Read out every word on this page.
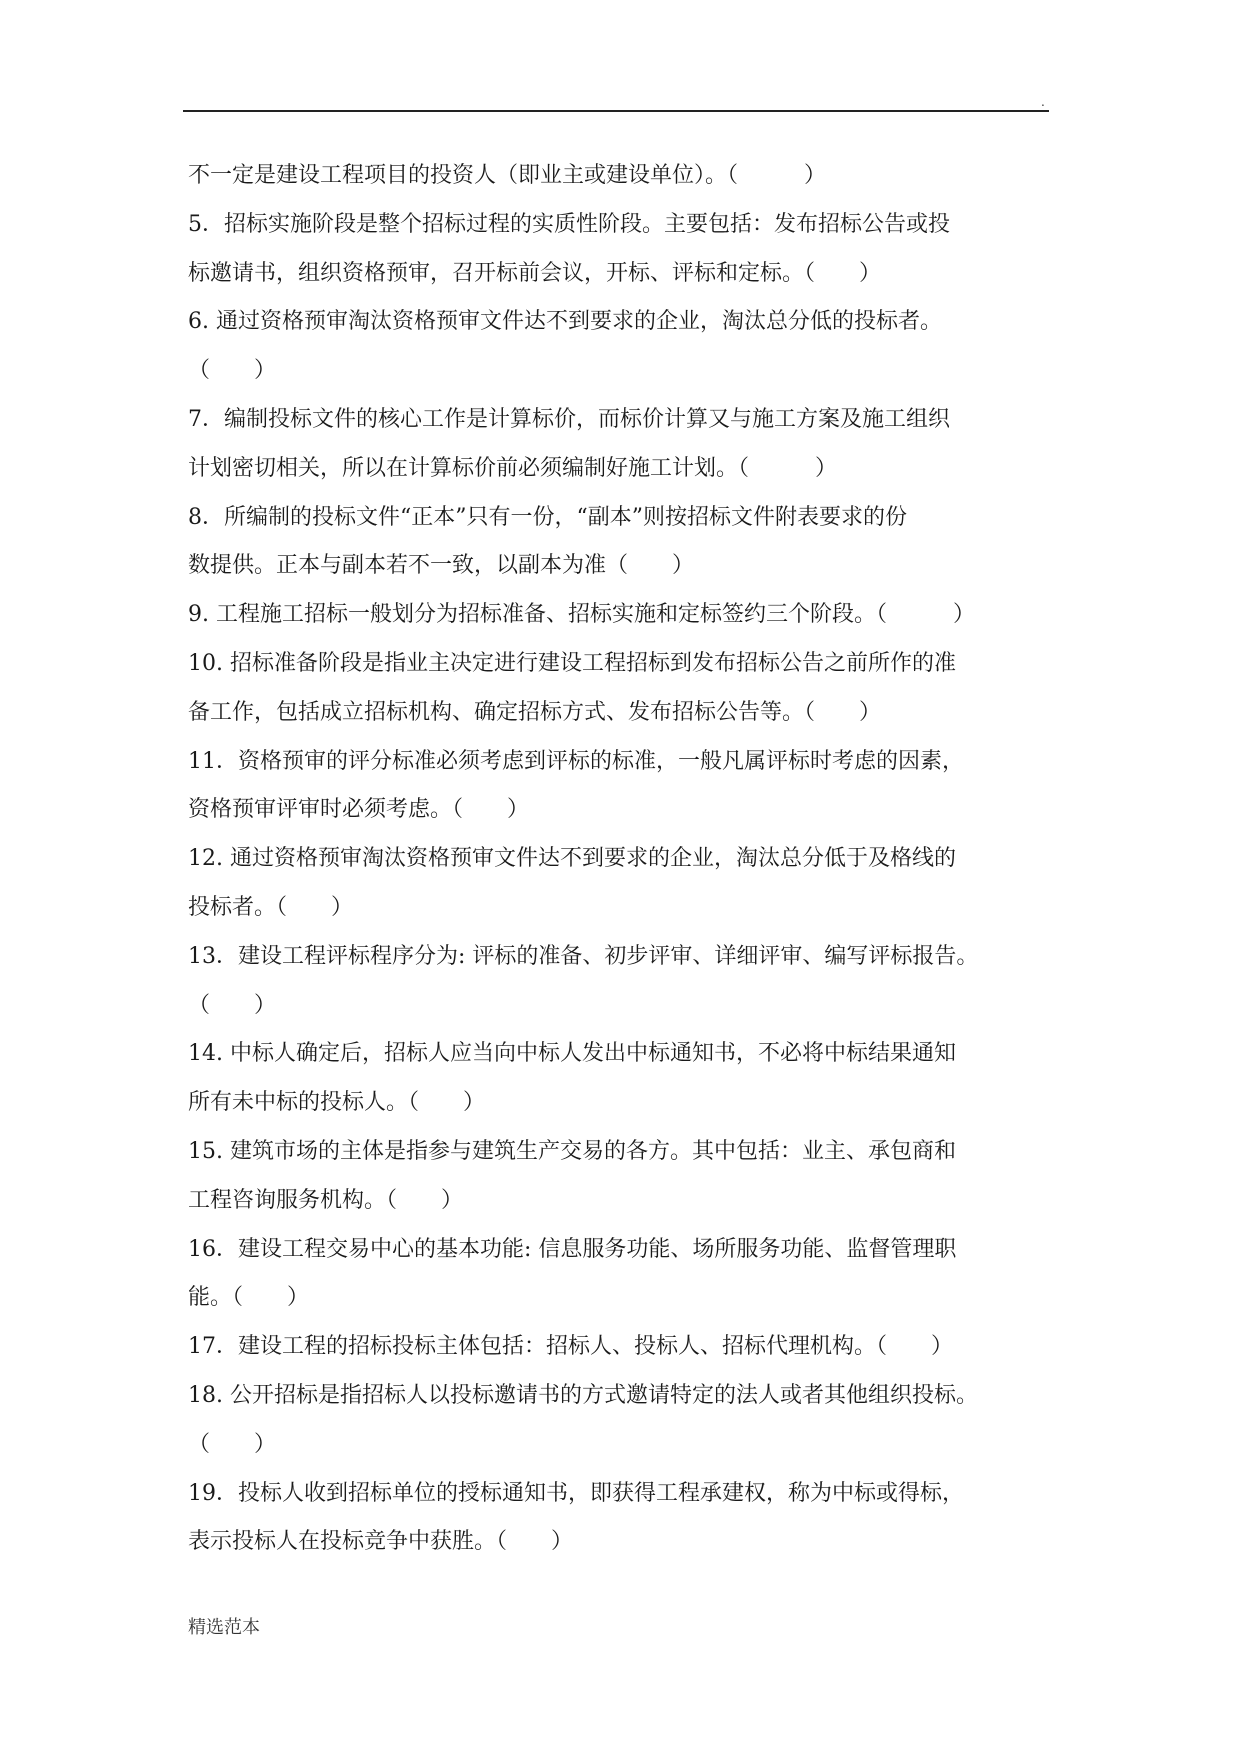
.
不一定是建设工程项目的投资人（即业主或建设单位）。（　　　）
5．招标实施阶段是整个招标过程的实质性阶段。主要包括：发布招标公告或投
标邀请书，组织资格预审，召开标前会议，开标、评标和定标。（　　）
6. 通过资格预审淘汰资格预审文件达不到要求的企业，淘汰总分低的投标者。
（　　）
7．编制投标文件的核心工作是计算标价，而标价计算又与施工方案及施工组织
计划密切相关，所以在计算标价前必须编制好施工计划。（　　　）
8．所编制的投标文件“正本”只有一份，“副本”则按招标文件附表要求的份
数提供。正本与副本若不一致，以副本为准（　　）
9. 工程施工招标一般划分为招标准备、招标实施和定标签约三个阶段。（　　　）
10. 招标准备阶段是指业主决定进行建设工程招标到发布招标公告之前所作的准
备工作，包括成立招标机构、确定招标方式、发布招标公告等。（　　）
11．资格预审的评分标准必须考虑到评标的标准，一般凡属评标时考虑的因素，
资格预审评审时必须考虑。（　　）
12. 通过资格预审淘汰资格预审文件达不到要求的企业，淘汰总分低于及格线的
投标者。（　　）
13．建设工程评标程序分为: 评标的准备、初步评审、详细评审、编写评标报告。
（　　）
14. 中标人确定后，招标人应当向中标人发出中标通知书，不必将中标结果通知
所有未中标的投标人。（　　）
15. 建筑市场的主体是指参与建筑生产交易的各方。其中包括：业主、承包商和
工程咨询服务机构。（　　）
16．建设工程交易中心的基本功能: 信息服务功能、场所服务功能、监督管理职
能。（　　）
17．建设工程的招标投标主体包括：招标人、投标人、招标代理机构。（　　）
18. 公开招标是指招标人以投标邀请书的方式邀请特定的法人或者其他组织投标。
（　　）
19．投标人收到招标单位的授标通知书，即获得工程承建权，称为中标或得标，
表示投标人在投标竞争中获胜。（　　）
精选范本
